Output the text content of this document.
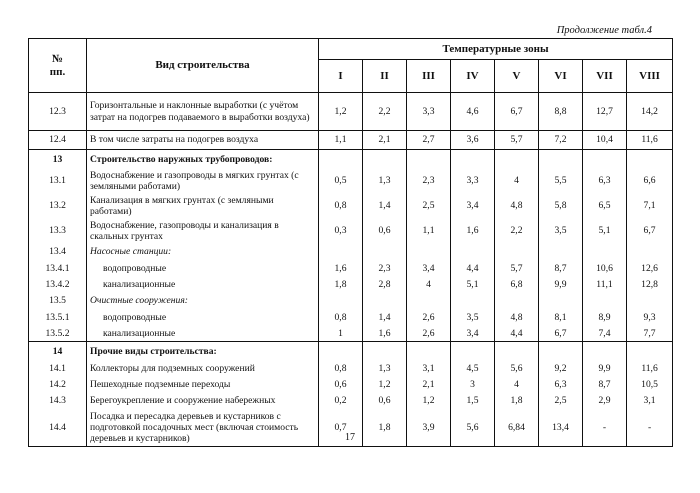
Продолжение табл.4
№
пп.	Вид строительства	Температурные зоны							
		I	II	III	IV	V	VI	VII	VIII
12.3	Горизонтальные и наклонные выработки (с учётом затрат на подогрев подаваемого в выработки воздуха)	1,2	2,2	3,3	4,6	6,7	8,8	12,7	14,2
12.4	В том числе затраты на подогрев воздуха	1,1	2,1	2,7	3,6	5,7	7,2	10,4	11,6
13	Строительство наружных трубопроводов:								
13.1	Водоснабжение и газопроводы в мягких грунтах (с земляными работами)	0,5	1,3	2,3	3,3	4	5,5	6,3	6,6
13.2	Канализация в мягких грунтах (с земляными работами)	0,8	1,4	2,5	3,4	4,8	5,8	6,5	7,1
13.3	Водоснабжение, газопроводы и канализация в скальных грунтах	0,3	0,6	1,1	1,6	2,2	3,5	5,1	6,7
13.4	Насосные станции:								
13.4.1	водопроводные	1,6	2,3	3,4	4,4	5,7	8,7	10,6	12,6
13.4.2	канализационные	1,8	2,8	4	5,1	6,8	9,9	11,1	12,8
13.5	Очистные сооружения:								
13.5.1	водопроводные	0,8	1,4	2,6	3,5	4,8	8,1	8,9	9,3
13.5.2	канализационные	1	1,6	2,6	3,4	4,4	6,7	7,4	7,7
14	Прочие виды строительства:								
14.1	Коллекторы для подземных сооружений	0,8	1,3	3,1	4,5	5,6	9,2	9,9	11,6
14.2	Пешеходные подземные переходы	0,6	1,2	2,1	3	4	6,3	8,7	10,5
14.3	Берегоукрепление и сооружение набережных	0,2	0,6	1,2	1,5	1,8	2,5	2,9	3,1
14.4	Посадка и пересадка деревьев и кустарников с подготовкой посадочных мест (включая стоимость деревьев и кустарников)	0,7	1,8	3,9	5,6	6,84	13,4	-	-
17
